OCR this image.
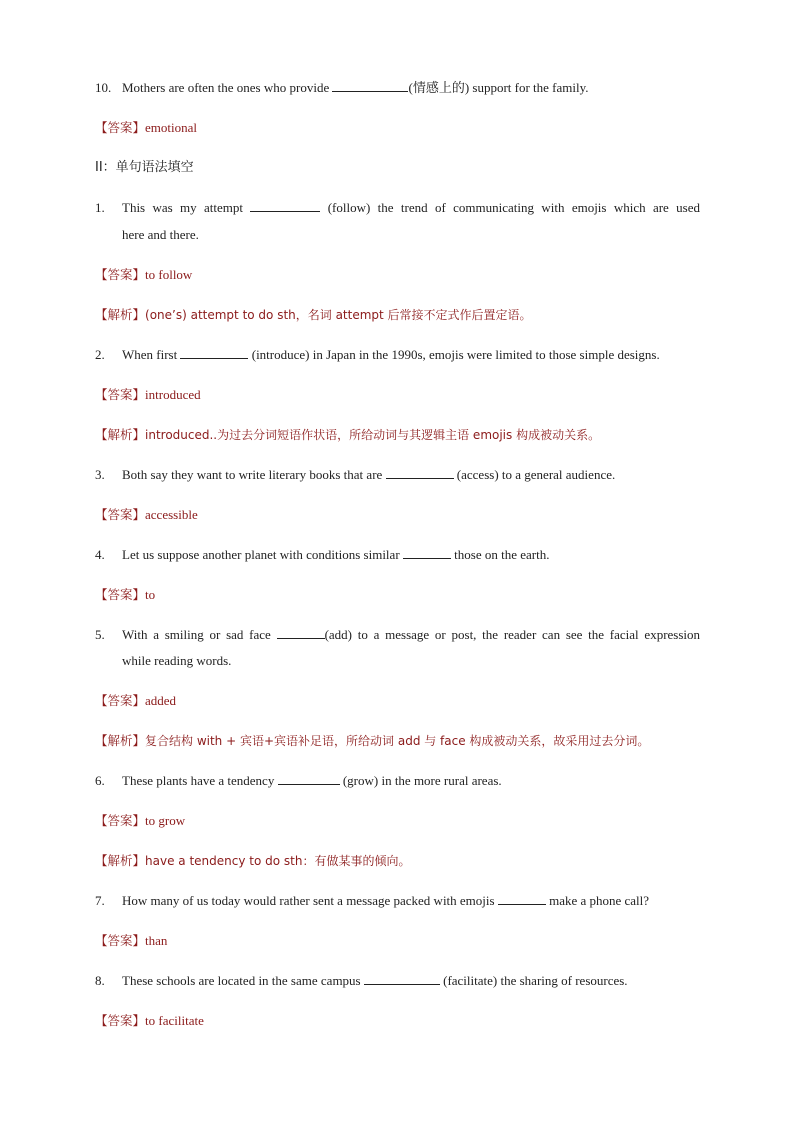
10. Mothers are often the ones who provide	(情感上的) support for the family.
【答案】emotional
II：单句语法填空
1. This was my attempt	(follow) the trend of communicating with emojis which are used
here and there.
【答案】to follow
【解析】(one’s) attempt to do sth，名词 attempt 后常接不定式作后置定语。
2. When first	(introduce) in Japan in the 1990s, emojis were limited to those simple designs.
【答案】introduced
【解析】introduced..为过去分词短语作状语，所给动词与其逻辑主语 emojis 构成被动关系。
3. Both say they want to write literary books that are	(access) to a general audience.
【答案】accessible
4. Let us suppose another planet with conditions similar	those on the earth.
【答案】to
5. With a smiling or sad face	(add) to a message or post, the reader can see the facial expression
while reading words.
【答案】added
【解析】复合结构 with + 宾语+宾语补足语，所给动词 add 与 face 构成被动关系，故采用过去分词。
6. These plants have a tendency	(grow) in the more rural areas.
【答案】to grow
【解析】have a tendency to do sth：有做某事的倾向。
7. How many of us today would rather sent a message packed with emojis	make a phone call?
【答案】than
8. These schools are located in the same campus	(facilitate) the sharing of resources.
【答案】to facilitate
